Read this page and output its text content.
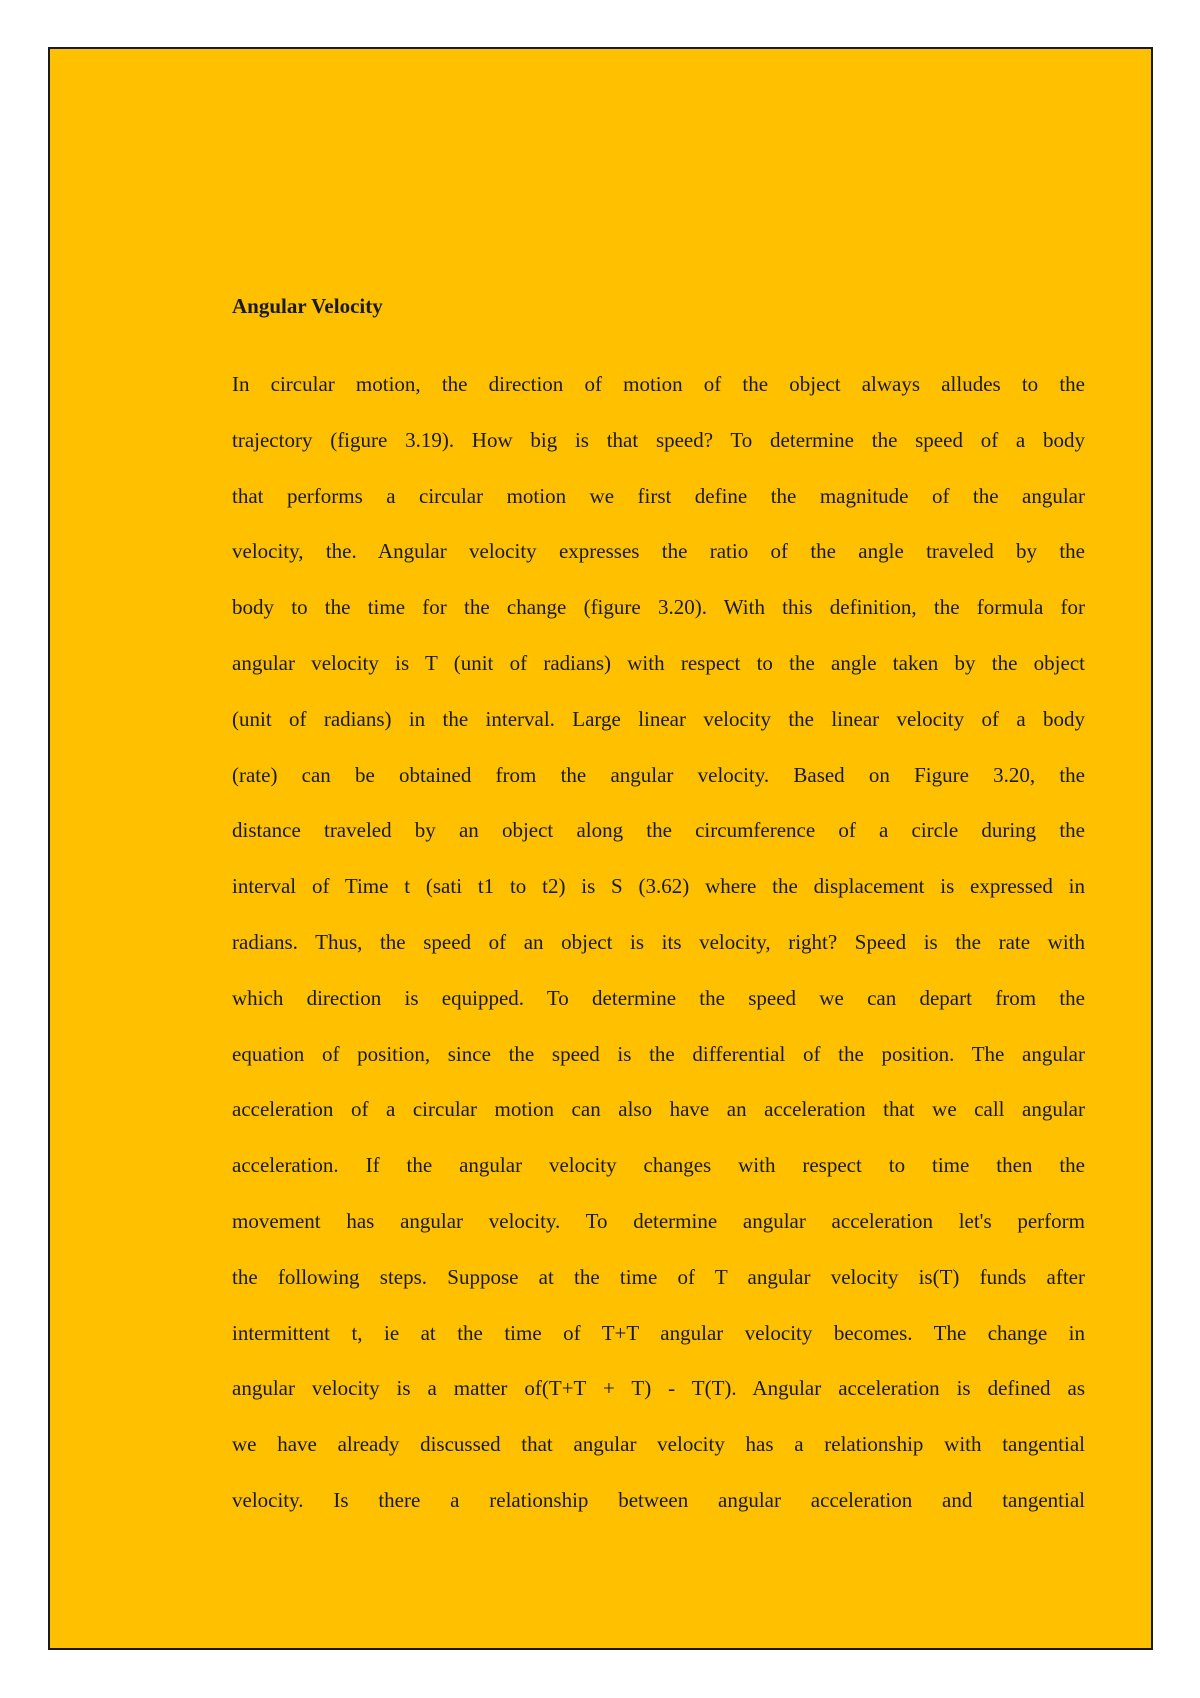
Angular Velocity
In circular motion, the direction of motion of the object always alludes to the
trajectory (figure 3.19). How big is that speed? To determine the speed of a body
that performs a circular motion we first define the magnitude of the angular
velocity, the. Angular velocity expresses the ratio of the angle traveled by the
body to the time for the change (figure 3.20). With this definition, the formula for
angular velocity is T (unit of radians) with respect to the angle taken by the object
(unit of radians) in the interval. Large linear velocity the linear velocity of a body
(rate) can be obtained from the angular velocity. Based on Figure 3.20, the
distance traveled by an object along the circumference of a circle during the
interval of Time t (sati t1 to t2) is S (3.62) where the displacement is expressed in
radians. Thus, the speed of an object is its velocity, right? Speed is the rate with
which direction is equipped. To determine the speed we can depart from the
equation of position, since the speed is the differential of the position. The angular
acceleration of a circular motion can also have an acceleration that we call angular
acceleration. If the angular velocity changes with respect to time then the
movement has angular velocity. To determine angular acceleration let's perform
the following steps. Suppose at the time of T angular velocity is(T) funds after
intermittent t, ie at the time of T+T angular velocity becomes. The change in
angular velocity is a matter of(T+T + T) - T(T). Angular acceleration is defined as
we have already discussed that angular velocity has a relationship with tangential
velocity. Is there a relationship between angular acceleration and tangential
